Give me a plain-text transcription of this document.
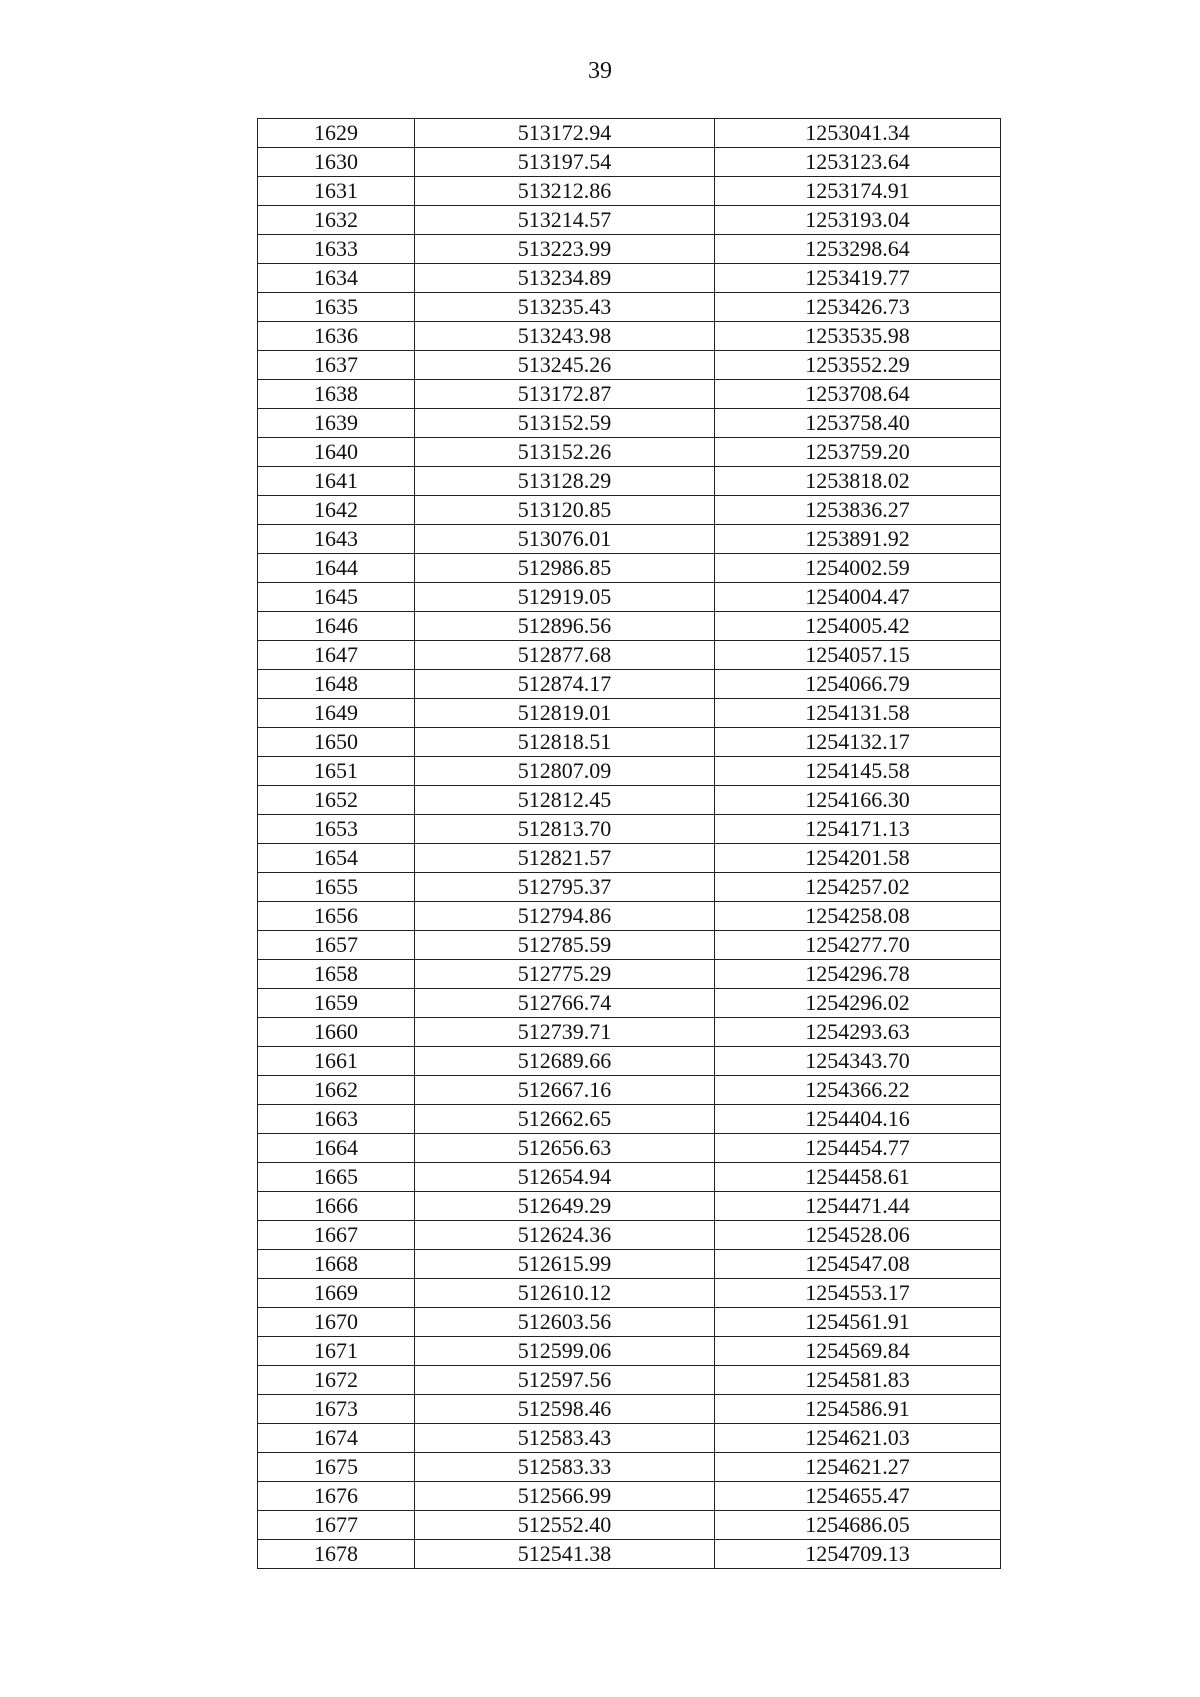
39
1629	513172.94	1253041.34
1630	513197.54	1253123.64
1631	513212.86	1253174.91
1632	513214.57	1253193.04
1633	513223.99	1253298.64
1634	513234.89	1253419.77
1635	513235.43	1253426.73
1636	513243.98	1253535.98
1637	513245.26	1253552.29
1638	513172.87	1253708.64
1639	513152.59	1253758.40
1640	513152.26	1253759.20
1641	513128.29	1253818.02
1642	513120.85	1253836.27
1643	513076.01	1253891.92
1644	512986.85	1254002.59
1645	512919.05	1254004.47
1646	512896.56	1254005.42
1647	512877.68	1254057.15
1648	512874.17	1254066.79
1649	512819.01	1254131.58
1650	512818.51	1254132.17
1651	512807.09	1254145.58
1652	512812.45	1254166.30
1653	512813.70	1254171.13
1654	512821.57	1254201.58
1655	512795.37	1254257.02
1656	512794.86	1254258.08
1657	512785.59	1254277.70
1658	512775.29	1254296.78
1659	512766.74	1254296.02
1660	512739.71	1254293.63
1661	512689.66	1254343.70
1662	512667.16	1254366.22
1663	512662.65	1254404.16
1664	512656.63	1254454.77
1665	512654.94	1254458.61
1666	512649.29	1254471.44
1667	512624.36	1254528.06
1668	512615.99	1254547.08
1669	512610.12	1254553.17
1670	512603.56	1254561.91
1671	512599.06	1254569.84
1672	512597.56	1254581.83
1673	512598.46	1254586.91
1674	512583.43	1254621.03
1675	512583.33	1254621.27
1676	512566.99	1254655.47
1677	512552.40	1254686.05
1678	512541.38	1254709.13
